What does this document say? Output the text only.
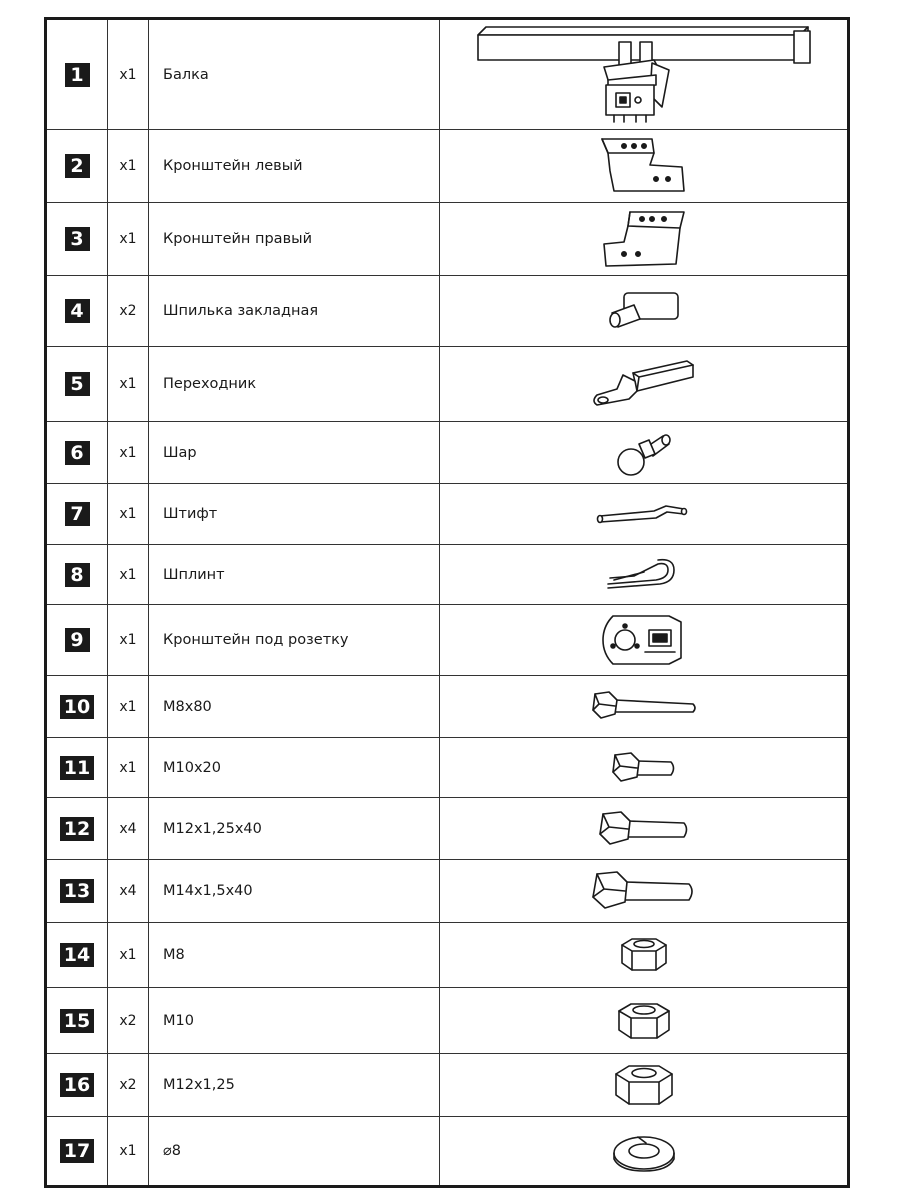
1	x1	Балка	

2	x1	Кронштейн левый	

3	x1	Кронштейн правый	

4	x2	Шпилька закладная	

5	x1	Переходник	

6	x1	Шар	

7	x1	Штифт	

8	x1	Шплинт	

9	x1	Кронштейн под розетку	

10	x1	M8x80	

11	x1	M10x20	

12	x4	M12x1,25x40	

13	x4	M14x1,5x40	

14	x1	M8	

15	x2	M10	

16	x2	M12x1,25	

17	x1	⌀8	
